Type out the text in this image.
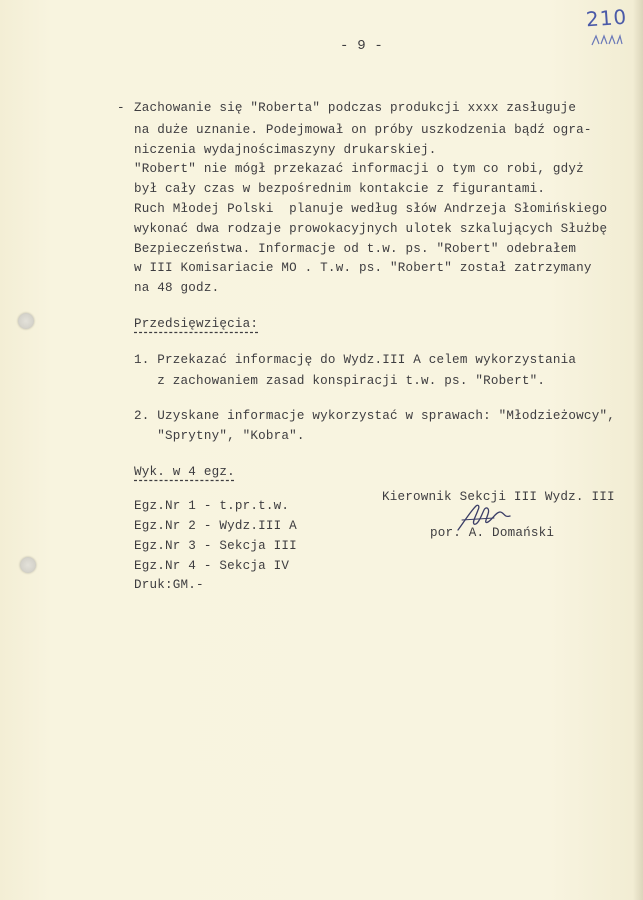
210
- 9 -
- Zachowanie się "Roberta" podczas produkcji xxxx zasługuje
na duże uznanie. Podejmował on próby uszkodzenia bądź ogra-
niczenia wydajnościmaszyny drukarskiej.
"Robert" nie mógł przekazać informacji o tym co robi, gdyż
był cały czas w bezpośrednim kontakcie z figurantami.
Ruch Młodej Polski  planuje według słów Andrzeja Słomińskiego
wykonać dwa rodzaje prowokacyjnych ulotek szkalujących Służbę
Bezpieczeństwa. Informacje od t.w. ps. "Robert" odebrałem
w III Komisariacie MO . T.w. ps. "Robert" został zatrzymany
na 48 godz.
Przedsięwzięcia:
1. Przekazać informację do Wydz.III A celem wykorzystania
z zachowaniem zasad konspiracji t.w. ps. "Robert".
2. Uzyskane informacje wykorzystać w sprawach: "Młodzieżowcy",
"Sprytny", "Kobra".
Wyk. w 4 egz.
Egz.Nr 1 - t.pr.t.w.
Egz.Nr 2 - Wydz.III A
Egz.Nr 3 - Sekcja III
Egz.Nr 4 - Sekcja IV
Druk:GM.-
Kierownik Sekcji III Wydz. III
por. A. Domański
